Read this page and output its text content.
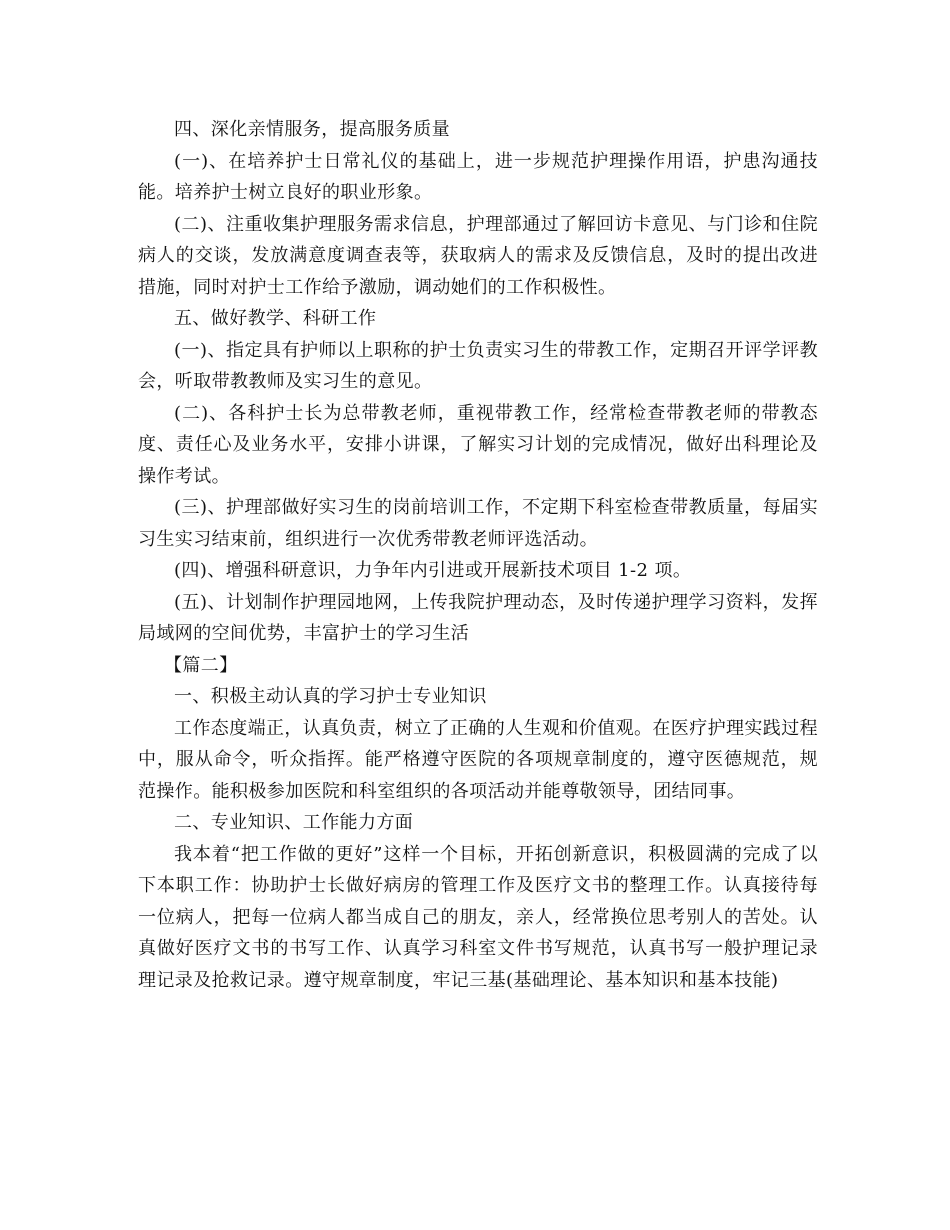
四、深化亲情服务，提高服务质量

(一)、在培养护士日常礼仪的基础上，进一步规范护理操作用语，护患沟通技能。培养护士树立良好的职业形象。

(二)、注重收集护理服务需求信息，护理部通过了解回访卡意见、与门诊和住院病人的交谈，发放满意度调查表等，获取病人的需求及反馈信息，及时的提出改进措施，同时对护士工作给予激励，调动她们的工作积极性。

五、做好教学、科研工作

(一)、指定具有护师以上职称的护士负责实习生的带教工作，定期召开评学评教会，听取带教教师及实习生的意见。

(二)、各科护士长为总带教老师，重视带教工作，经常检查带教老师的带教态度、责任心及业务水平，安排小讲课，了解实习计划的完成情况，做好出科理论及操作考试。

(三)、护理部做好实习生的岗前培训工作，不定期下科室检查带教质量，每届实习生实习结束前，组织进行一次优秀带教老师评选活动。

(四)、增强科研意识，力争年内引进或开展新技术项目 1-2 项。

(五)、计划制作护理园地网，上传我院护理动态，及时传递护理学习资料，发挥局域网的空间优势，丰富护士的学习生活

【篇二】

一、积极主动认真的学习护士专业知识

工作态度端正，认真负责，树立了正确的人生观和价值观。在医疗护理实践过程中，服从命令，听众指挥。能严格遵守医院的各项规章制度的，遵守医德规范，规范操作。能积极参加医院和科室组织的各项活动并能尊敬领导，团结同事。

二、专业知识、工作能力方面

我本着“把工作做的更好”这样一个目标，开拓创新意识，积极圆满的完成了以下本职工作：协助护士长做好病房的管理工作及医疗文书的整理工作。认真接待每一位病人，把每一位病人都当成自己的朋友，亲人，经常换位思考别人的苦处。认真做好医疗文书的书写工作、认真学习科室文件书写规范，认真书写一般护理记录理记录及抢救记录。遵守规章制度，牢记三基(基础理论、基本知识和基本技能)
